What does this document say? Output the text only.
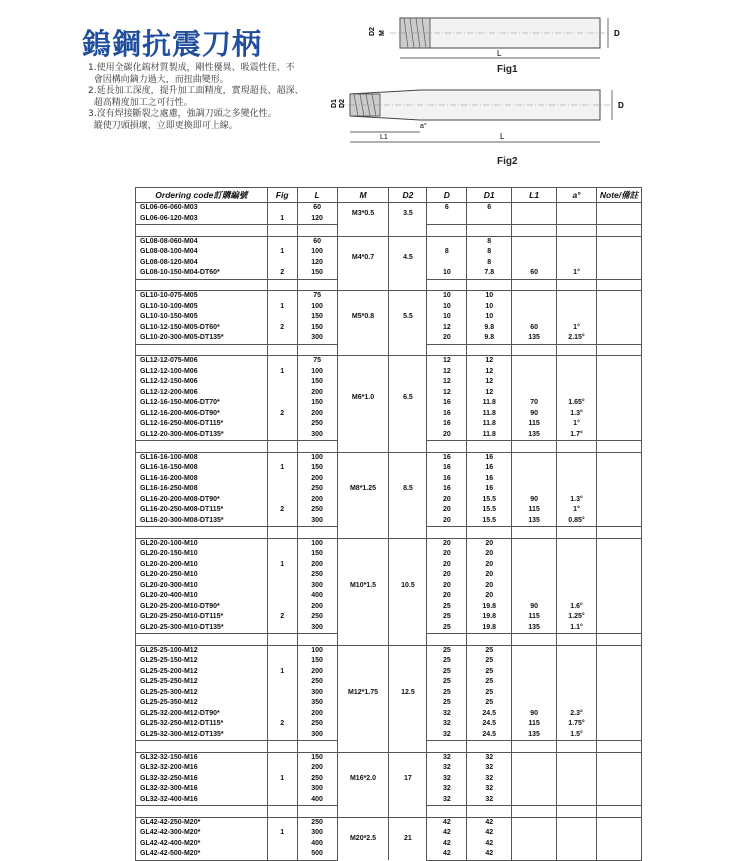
鎢鋼抗震刀柄
1.使用全碳化鎢材質製成，剛性優異、吸震性佳、不
會因構向鏑力過大，而扭曲變形。
2.延長加工深度，提升加工面精度，實現超長、超深、
超高精度加工之可行性。
3.沒有焊接斷裂之處慮，強調刀頭之多變化性。
縱使刀頭損壞，立即更換即可上線。
D2 M
L
D
Fig1
D1 D2
a°
L1	L
D
Fig2
Ordering code訂購編號	Fig	L	M	D2	D	D1	L1	a°	Note/備註
GL06-06-060-M03		60	M3*0.5	3.5	6	6			
GL06-06-120-M03	1	120							

GL08-08-060-M04		60	M4*0.7	4.5		8			
GL08-08-100-M04	1	100			8	8			
GL08-08-120-M04		120				8			
GL08-10-150-M04-DT60*	2	150			10	7.8	60	1°	

GL10-10-075-M05		75	M5*0.8	5.5	10	10			
GL10-10-100-M05	1	100			10	10			
GL10-10-150-M05		150			10	10			
GL10-12-150-M05-DT60*	2	150			12	9.8	60	1°	
GL10-20-300-M05-DT135*		300			20	9.8	135	2.15°	

GL12-12-075-M06		75	M6*1.0	6.5	12	12			
GL12-12-100-M06	1	100			12	12			
GL12-12-150-M06		150			12	12			
GL12-12-200-M06		200			12	12			
GL12-16-150-M06-DT70*		150			16	11.8	70	1.65°	
GL12-16-200-M06-DT90*	2	200			16	11.8	90	1.3°	
GL12-16-250-M06-DT115*		250			16	11.8	115	1°	
GL12-20-300-M06-DT135*		300			20	11.8	135	1.7°	

GL16-16-100-M08		100	M8*1.25	8.5	16	16			
GL16-16-150-M08	1	150			16	16			
GL16-16-200-M08		200			16	16			
GL16-16-250-M08		250			16	16			
GL16-20-200-M08-DT90*		200			20	15.5	90	1.3°	
GL16-20-250-M08-DT115*	2	250			20	15.5	115	1°	
GL16-20-300-M08-DT135*		300			20	15.5	135	0.85°	

GL20-20-100-M10		100	M10*1.5	10.5	20	20			
GL20-20-150-M10		150			20	20			
GL20-20-200-M10	1	200			20	20			
GL20-20-250-M10		250			20	20			
GL20-20-300-M10		300			20	20			
GL20-20-400-M10		400			20	20			
GL20-25-200-M10-DT90*		200			25	19.8	90	1.6°	
GL20-25-250-M10-DT115*	2	250			25	19.8	115	1.25°	
GL20-25-300-M10-DT135*		300			25	19.8	135	1.1°	

GL25-25-100-M12		100	M12*1.75	12.5	25	25			
GL25-25-150-M12		150			25	25			
GL25-25-200-M12	1	200			25	25			
GL25-25-250-M12		250			25	25			
GL25-25-300-M12		300			25	25			
GL25-25-350-M12		350			25	25			
GL25-32-200-M12-DT90*		200			32	24.5	90	2.3°	
GL25-32-250-M12-DT115*	2	250			32	24.5	115	1.75°	
GL25-32-300-M12-DT135*		300			32	24.5	135	1.5°	

GL32-32-150-M16		150	M16*2.0	17	32	32			
GL32-32-200-M16		200			32	32			
GL32-32-250-M16	1	250			32	32			
GL32-32-300-M16		300			32	32			
GL32-32-400-M16		400			32	32			

GL42-42-250-M20*		250	M20*2.5	21	42	42			
GL42-42-300-M20*	1	300			42	42			
GL42-42-400-M20*		400			42	42			
GL42-42-500-M20*		500			42	42			
